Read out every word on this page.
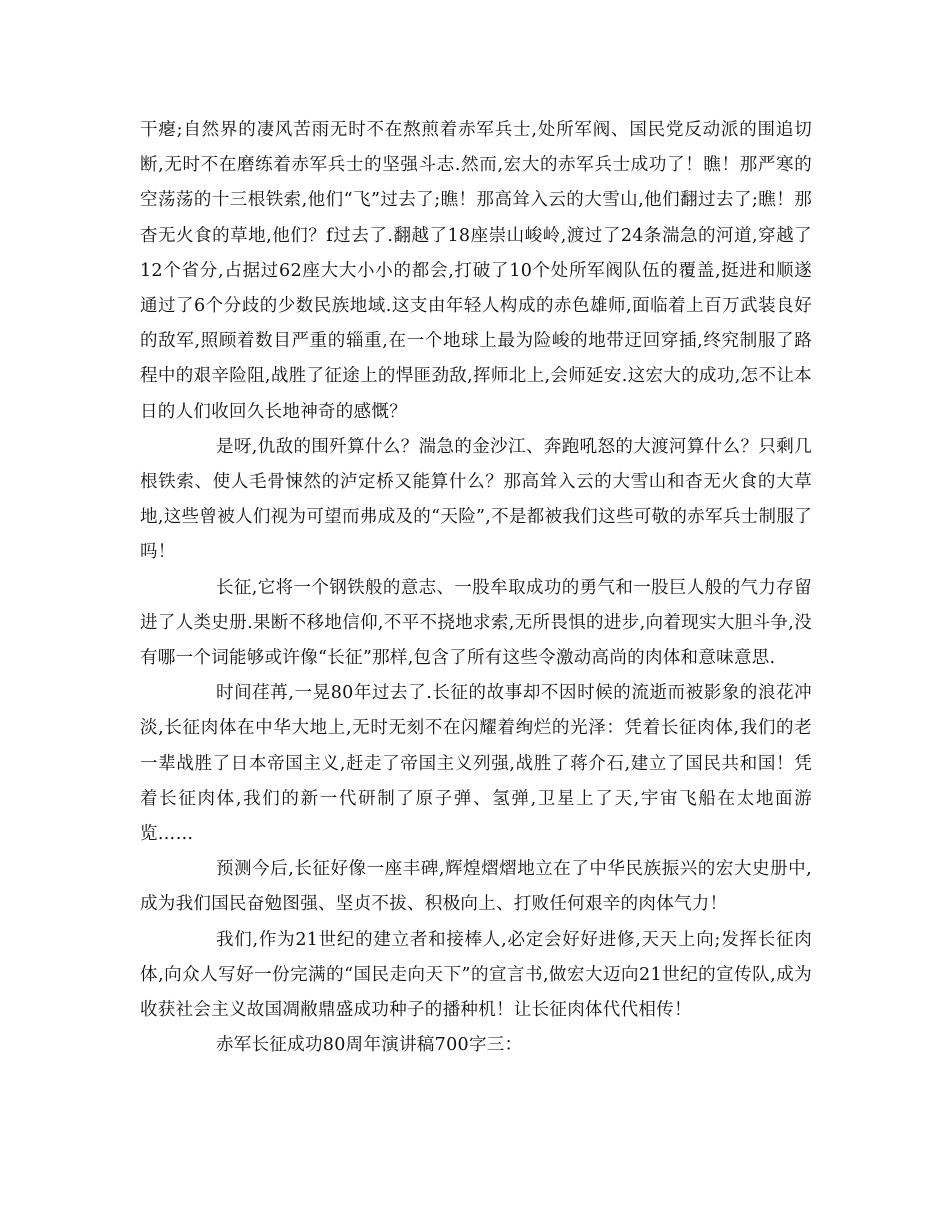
干瘪;自然界的凄风苦雨无时不在熬煎着赤军兵士,处所军阀、国民党反动派的围追切断,无时不在磨练着赤军兵士的坚强斗志.然而,宏大的赤军兵士成功了！瞧！那严寒的空荡荡的十三根铁索,他们“飞”过去了;瞧！那高耸入云的大雪山,他们翻过去了;瞧！那杳无火食的草地,他们？f过去了.翻越了18座崇山峻岭,渡过了24条湍急的河道,穿越了12个省分,占据过62座大大小小的都会,打破了10个处所军阀队伍的覆盖,挺进和顺遂通过了6个分歧的少数民族地域.这支由年轻人构成的赤色雄师,面临着上百万武装良好的敌军,照顾着数目严重的辎重,在一个地球上最为险峻的地带迂回穿插,终究制服了路程中的艰辛险阻,战胜了征途上的悍匪劲敌,挥师北上,会师延安.这宏大的成功,怎不让本日的人们收回久长地神奇的感慨？

是呀,仇敌的围歼算什么？湍急的金沙江、奔跑吼怒的大渡河算什么？只剩几根铁索、使人毛骨悚然的泸定桥又能算什么？那高耸入云的大雪山和杳无火食的大草地,这些曾被人们视为可望而弗成及的“天险”,不是都被我们这些可敬的赤军兵士制服了吗！

长征,它将一个钢铁般的意志、一股牟取成功的勇气和一股巨人般的气力存留进了人类史册.果断不移地信仰,不平不挠地求索,无所畏惧的进步,向着现实大胆斗争,没有哪一个词能够或许像“长征”那样,包含了所有这些令激动高尚的肉体和意味意思.

时间荏苒,一晃80年过去了.长征的故事却不因时候的流逝而被影象的浪花冲淡,长征肉体在中华大地上,无时无刻不在闪耀着绚烂的光泽：凭着长征肉体,我们的老一辈战胜了日本帝国主义,赶走了帝国主义列强,战胜了蒋介石,建立了国民共和国！凭着长征肉体,我们的新一代研制了原子弹、氢弹,卫星上了天,宇宙飞船在太地面游览……

预测今后,长征好像一座丰碑,辉煌熠熠地立在了中华民族振兴的宏大史册中,成为我们国民奋勉图强、坚贞不拔、积极向上、打败任何艰辛的肉体气力！

我们,作为21世纪的建立者和接棒人,必定会好好进修,天天上向;发挥长征肉体,向众人写好一份完满的“国民走向天下”的宣言书,做宏大迈向21世纪的宣传队,成为收获社会主义故国凋敝鼎盛成功种子的播种机！让长征肉体代代相传！

赤军长征成功80周年演讲稿700字三：
